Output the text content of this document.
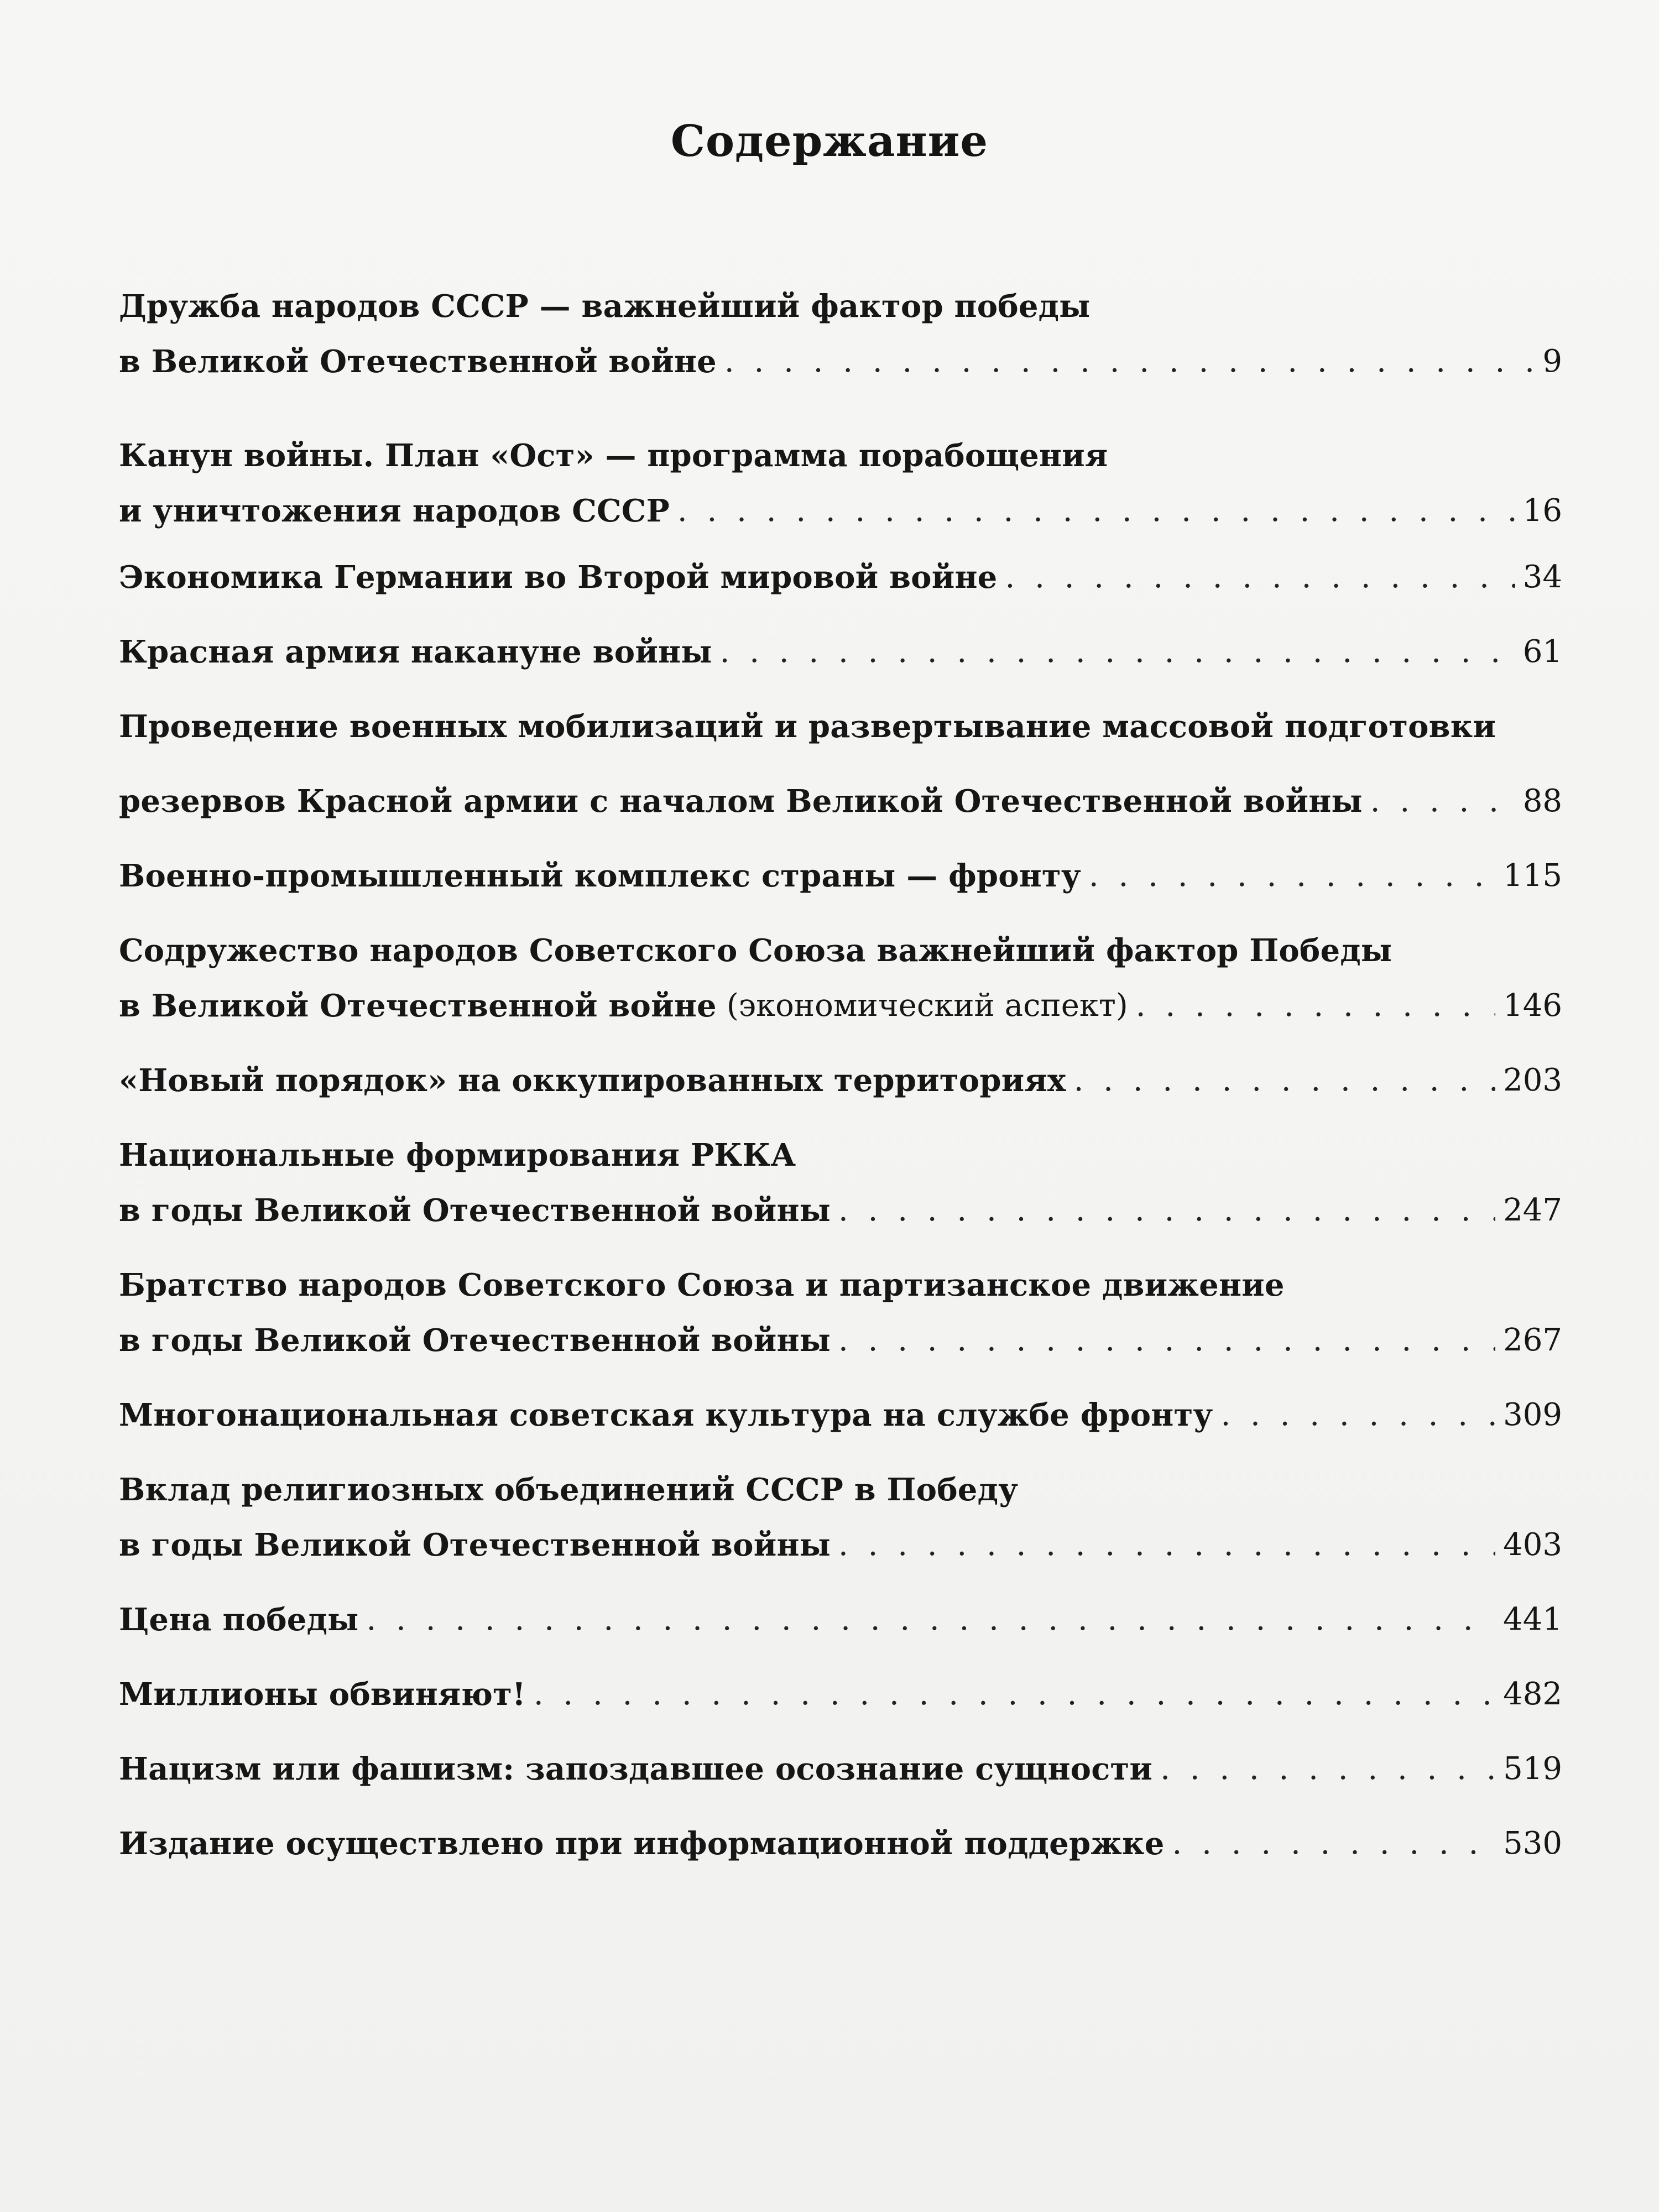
Содержание
Дружба народов СССР — важнейший фактор победы
в Великой Отечественной войне . . .	9
Канун войны. План «Ост» — программа порабощения
и уничтожения народов СССР . . .	16
Экономика Германии во Второй мировой войне . . .	34
Красная армия накануне войны . . .	61
Проведение военных мобилизаций и развертывание массовой подготовки
резервов Красной армии с началом Великой Отечественной войны . . .	88
Военно-промышленный комплекс страны — фронту . . .	115
Содружество народов Советского Союза важнейший фактор Победы
в Великой Отечественной войне (экономический аспект) . . .	146
«Новый порядок» на оккупированных территориях . . .	203
Национальные формирования РККА
в годы Великой Отечественной войны . . .	247
Братство народов Советского Союза и партизанское движение
в годы Великой Отечественной войны . . .	267
Многонациональная советская культура на службе фронту . . .	309
Вклад религиозных объединений СССР в Победу
в годы Великой Отечественной войны . . .	403
Цена победы . . .	441
Миллионы обвиняют! . . .	482
Нацизм или фашизм: запоздавшее осознание сущности . . .	519
Издание осуществлено при информационной поддержке . . .	530
